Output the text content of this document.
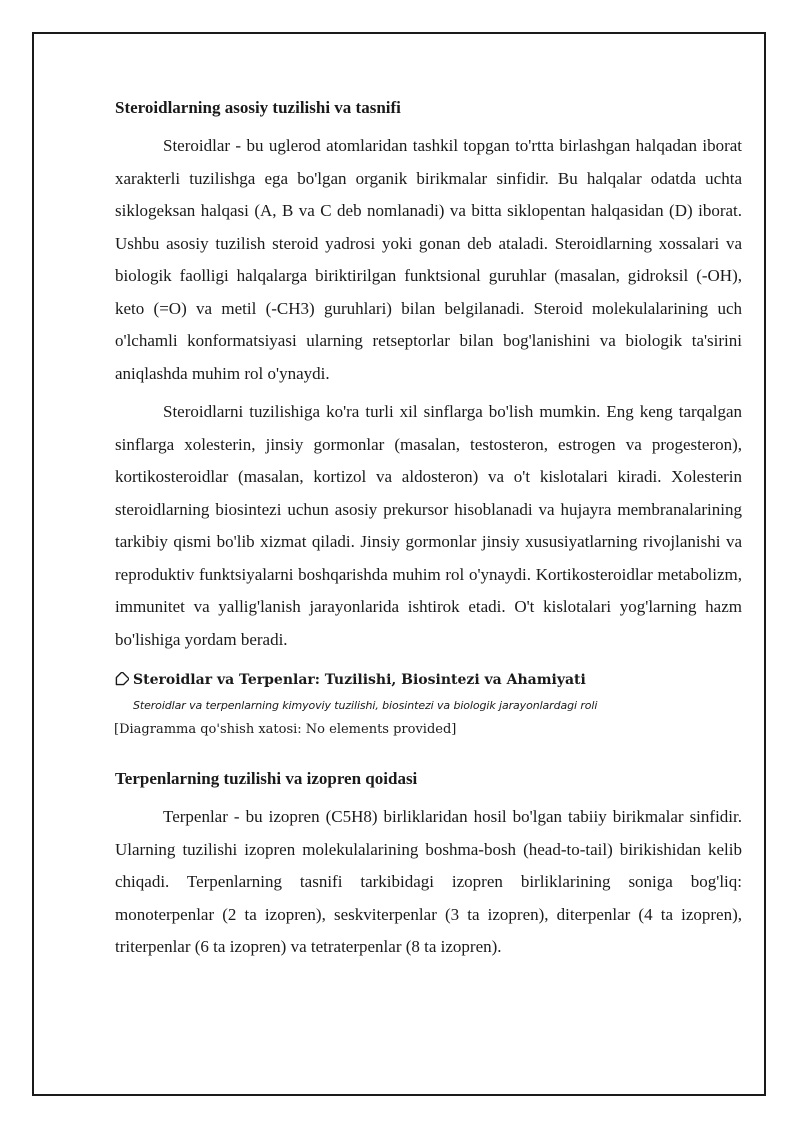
Steroidlarning asosiy tuzilishi va tasnifi

Steroidlar - bu uglerod atomlaridan tashkil topgan to'rtta birlashgan halqadan iborat xarakterli tuzilishga ega bo'lgan organik birikmalar sinfidir. Bu halqalar odatda uchta siklogeksan halqasi (A, B va C deb nomlanadi) va bitta siklopentan halqasidan (D) iborat. Ushbu asosiy tuzilish steroid yadrosi yoki gonan deb ataladi. Steroidlarning xossalari va biologik faolligi halqalarga biriktirilgan funktsional guruhlar (masalan, gidroksil (-OH), keto (=O) va metil (-CH3) guruhlari) bilan belgilanadi. Steroid molekulalarining uch o'lchamli konformatsiyasi ularning retseptorlar bilan bog'lanishini va biologik ta'sirini aniqlashda muhim rol o'ynaydi.

Steroidlarni tuzilishiga ko'ra turli xil sinflarga bo'lish mumkin. Eng keng tarqalgan sinflarga xolesterin, jinsiy gormonlar (masalan, testosteron, estrogen va progesteron), kortikosteroidlar (masalan, kortizol va aldosteron) va o't kislotalari kiradi. Xolesterin steroidlarning biosintezi uchun asosiy prekursor hisoblanadi va hujayra membranalarining tarkibiy qismi bo'lib xizmat qiladi. Jinsiy gormonlar jinsiy xususiyatlarning rivojlanishi va reproduktiv funktsiyalarni boshqarishda muhim rol o'ynaydi. Kortikosteroidlar metabolizm, immunitet va yallig'lanish jarayonlarida ishtirok etadi. O't kislotalari yog'larning hazm bo'lishiga yordam beradi.

Steroidlar va Terpenlar: Tuzilishi, Biosintezi va Ahamiyati
Steroidlar va terpenlarning kimyoviy tuzilishi, biosintezi va biologik jarayonlardagi roli
[Diagramma qo'shish xatosi: No elements provided]
Terpenlarning tuzilishi va izopren qoidasi

Terpenlar - bu izopren (C5H8) birliklaridan hosil bo'lgan tabiiy birikmalar sinfidir. Ularning tuzilishi izopren molekulalarining boshma-bosh (head-to-tail) birikishidan kelib chiqadi. Terpenlarning tasnifi tarkibidagi izopren birliklarining soniga bog'liq: monoterpenlar (2 ta izopren), seskviterpenlar (3 ta izopren), diterpenlar (4 ta izopren), triterpenlar (6 ta izopren) va tetraterpenlar (8 ta izopren).
